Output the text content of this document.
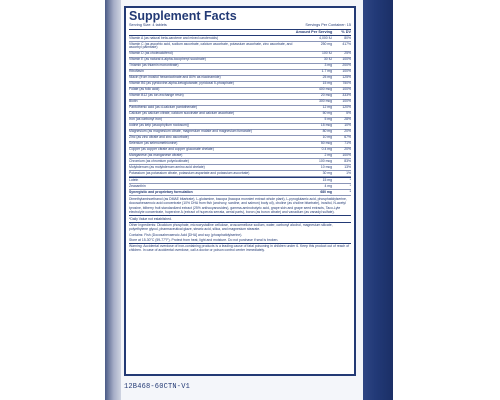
Supplement Facts
Serving Size: 4 tablets	Servings Per Container: 15
Amount Per Serving % DV
Vitamin A (as natural beta-carotene and mixed carotenoids)	4,000 IU	80%
Vitamin C (as ascorbic acid, sodium ascorbate, calcium ascorbate, potassium ascorbate, zinc ascorbate, and ascorbyl palmitate)
250 mg	417%
Vitamin D (as cholecalciferol)	100 IU	25%
Vitamin E (as natural d-alpha-tocopheryl succinate)	30 IU	100%
Thiamin (as thiamin mononitrate)	3 mg	200%
Riboflavin	1.7 mg	100%
Niacin (from inositol hexanicotinate and 80% as niacinamide)	25 mg	125%
Vitamin B6 (as pyridoxine-alpha-ketoglutarate, pyridoxal 5-phosphate)	15 mg	750%
Folate (as folic acid)	400 mcg	100%
Vitamin B12 (as ion-exchange resin)	20 mcg	333%
Biotin	300 mcg	100%
Pantothenic acid (as d-calcium pantothenate)	12 mg	120%
Calcium (as calcium citrate, calcium succinate and calcium ascorbate)	50 mg	5%
Iron (as carbonyl iron)	5 mg	28%
Iodine (as kelp (ascophyllum nodosum))	15 mcg	10%
Magnesium (as magnesium citrate, magnesium malate and magnesium fumarate)	80 mg	20%
Zinc (as zinc citrate and zinc ascorbate)	10 mg	67%
Selenium (as selenomethionine)	50 mcg	71%
Copper (as copper citrate and copper gluconate chelate)	0.4 mg	20%
Manganese (as manganese citrate)	2 mg	100%
Chromium (as chromium polynicotinate)	100 mcg	83%
Molybdenum (as molybdenum amino acid chelate)	10 mcg	13%
Potassium (as potassium citrate, potassium aspartate and potassium ascorbate)	30 mg	1%
Lutein	15 mg	*
Zeaxanthin	4 mg	*
Synergistic and proprietary formulation	680 mg	*
Dimethylaminoethanol (as DMAE bitartrate), L-glutamine, bacopa (bacopa monnieri extract whole plant), L-pyroglutamic acid, phosphatidylserine, docosahexaenoic acid concentrate (10% DHA from fish (anchovy, sardine, and salmon) body oil), choline (as choline bitartrate), inositol, N-acetyl tyrosine, bilberry fruit standardized extract (25% anthocyanosides), gamma-aminobutyric acid, grape skin and grape seed extracts, Taco-Lyte electrolyte concentrate, huperzine A (extract of huperzia serrata, aerial parts), boron (as boron citrate) and vanadium (as vanadyl sulfate).
*Daily Value not established.
Other Ingredients: Dicalcium phosphate, microcrystalline cellulose, croscarmellose sodium, water, carbonyl alcohol, magnesium silicate, polyethylene glycol, pharmaceutical glaze, stearic acid, silica, and magnesium stearate.
Contains: Fish (Docosahexaenoic Acid [DHA] and soy (phosphatidylserine).
Store at 15-30°C (59-77°F). Protect from heat, light and moisture. Do not purchase if seal is broken.
Warning: Accidental overdose of iron-containing products is a leading cause of fatal poisoning in children under 6. Keep this product out of reach of children. In case of accidental overdose, call a doctor or poison control center immediately.
12B468-60CTN-V1
